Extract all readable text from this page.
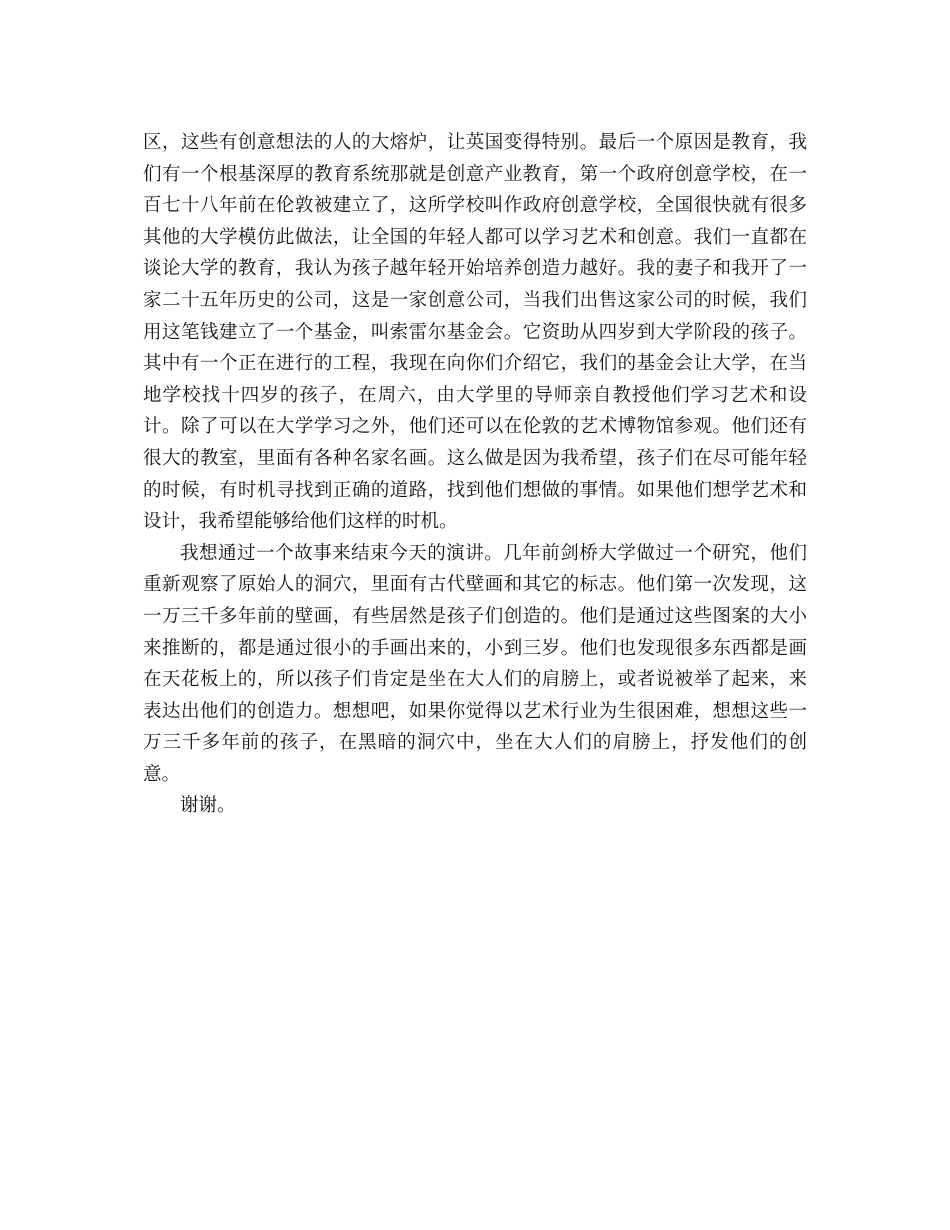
区，这些有创意想法的人的大熔炉，让英国变得特别。最后一个原因是教育，我们有一个根基深厚的教育系统那就是创意产业教育，第一个政府创意学校，在一百七十八年前在伦敦被建立了，这所学校叫作政府创意学校，全国很快就有很多其他的大学模仿此做法，让全国的年轻人都可以学习艺术和创意。我们一直都在谈论大学的教育，我认为孩子越年轻开始培养创造力越好。我的妻子和我开了一家二十五年历史的公司，这是一家创意公司，当我们出售这家公司的时候，我们用这笔钱建立了一个基金，叫索雷尔基金会。它资助从四岁到大学阶段的孩子。其中有一个正在进行的工程，我现在向你们介绍它，我们的基金会让大学，在当地学校找十四岁的孩子，在周六，由大学里的导师亲自教授他们学习艺术和设计。除了可以在大学学习之外，他们还可以在伦敦的艺术博物馆参观。他们还有很大的教室，里面有各种名家名画。这么做是因为我希望，孩子们在尽可能年轻的时候，有时机寻找到正确的道路，找到他们想做的事情。如果他们想学艺术和设计，我希望能够给他们这样的时机。

我想通过一个故事来结束今天的演讲。几年前剑桥大学做过一个研究，他们重新观察了原始人的洞穴，里面有古代壁画和其它的标志。他们第一次发现，这一万三千多年前的壁画，有些居然是孩子们创造的。他们是通过这些图案的大小来推断的，都是通过很小的手画出来的，小到三岁。他们也发现很多东西都是画在天花板上的，所以孩子们肯定是坐在大人们的肩膀上，或者说被举了起来，来表达出他们的创造力。想想吧，如果你觉得以艺术行业为生很困难，想想这些一万三千多年前的孩子，在黑暗的洞穴中，坐在大人们的肩膀上，抒发他们的创意。

谢谢。
